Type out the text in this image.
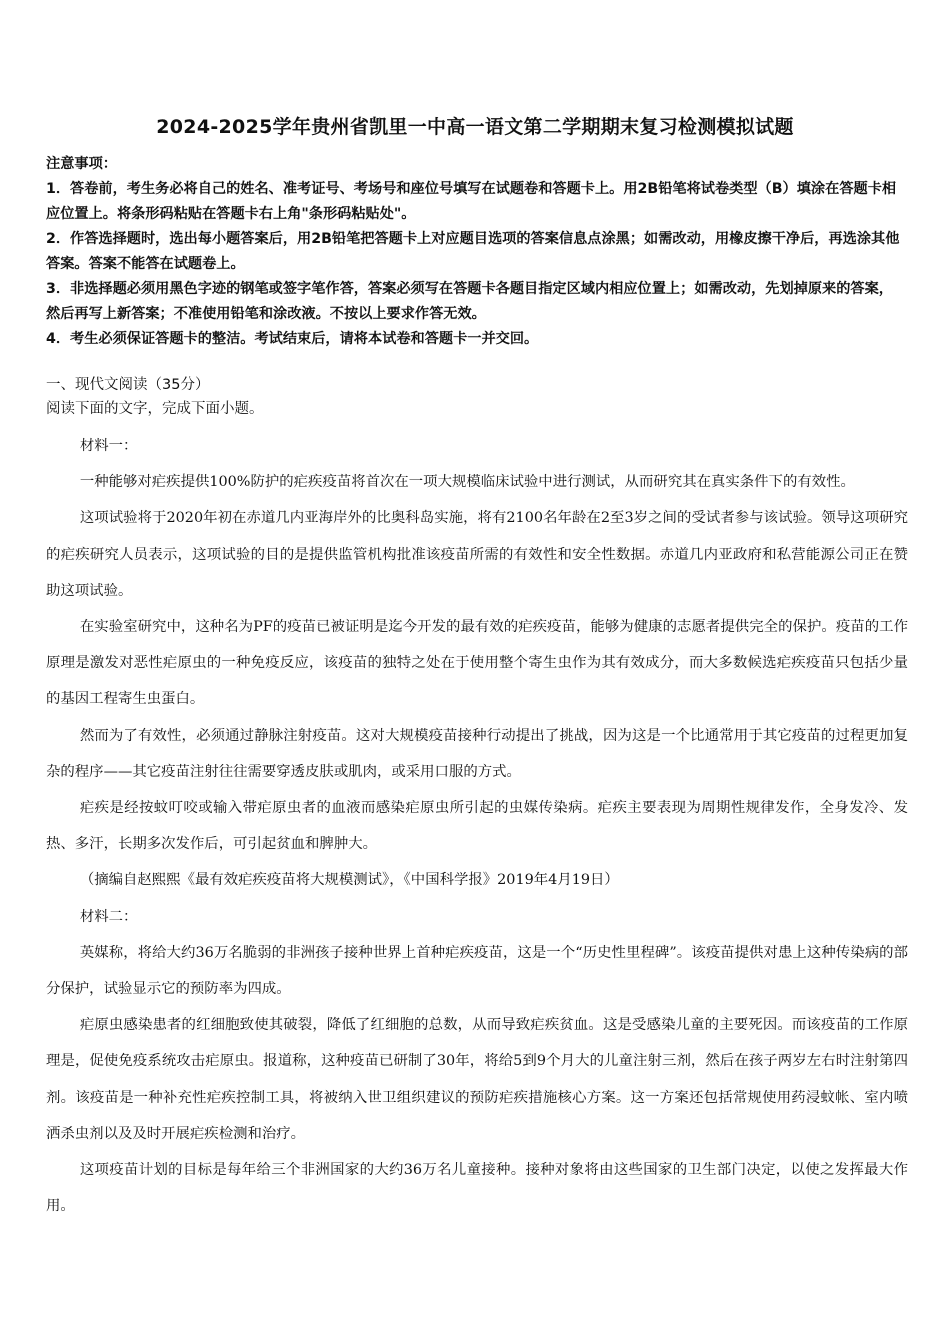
2024-2025学年贵州省凯里一中高一语文第二学期期末复习检测模拟试题

注意事项：

1．答卷前，考生务必将自己的姓名、准考证号、考场号和座位号填写在试题卷和答题卡上。用2B铅笔将试卷类型（B）填涂在答题卡相应位置上。将条形码粘贴在答题卡右上角"条形码粘贴处"。

2．作答选择题时，选出每小题答案后，用2B铅笔把答题卡上对应题目选项的答案信息点涂黑；如需改动，用橡皮擦干净后，再选涂其他答案。答案不能答在试题卷上。

3．非选择题必须用黑色字迹的钢笔或签字笔作答，答案必须写在答题卡各题目指定区域内相应位置上；如需改动，先划掉原来的答案，然后再写上新答案；不准使用铅笔和涂改液。不按以上要求作答无效。

4．考生必须保证答题卡的整洁。考试结束后，请将本试卷和答题卡一并交回。

一、现代文阅读（35分）

阅读下面的文字，完成下面小题。

材料一：

一种能够对疟疾提供100%防护的疟疾疫苗将首次在一项大规模临床试验中进行测试，从而研究其在真实条件下的有效性。

这项试验将于2020年初在赤道几内亚海岸外的比奥科岛实施，将有2100名年龄在2至3岁之间的受试者参与该试验。领导这项研究的疟疾研究人员表示，这项试验的目的是提供监管机构批准该疫苗所需的有效性和安全性数据。赤道几内亚政府和私营能源公司正在赞助这项试验。

在实验室研究中，这种名为PF的疫苗已被证明是迄今开发的最有效的疟疾疫苗，能够为健康的志愿者提供完全的保护。疫苗的工作原理是激发对恶性疟原虫的一种免疫反应，该疫苗的独特之处在于使用整个寄生虫作为其有效成分，而大多数候选疟疾疫苗只包括少量的基因工程寄生虫蛋白。

然而为了有效性，必须通过静脉注射疫苗。这对大规模疫苗接种行动提出了挑战，因为这是一个比通常用于其它疫苗的过程更加复杂的程序——其它疫苗注射往往需要穿透皮肤或肌肉，或采用口服的方式。

疟疾是经按蚊叮咬或输入带疟原虫者的血液而感染疟原虫所引起的虫媒传染病。疟疾主要表现为周期性规律发作，全身发冷、发热、多汗，长期多次发作后，可引起贫血和脾肿大。

（摘编自赵熙熙《最有效疟疾疫苗将大规模测试》，《中国科学报》2019年4月19日）

材料二：

英媒称，将给大约36万名脆弱的非洲孩子接种世界上首种疟疾疫苗，这是一个“历史性里程碑”。该疫苗提供对患上这种传染病的部分保护，试验显示它的预防率为四成。

疟原虫感染患者的红细胞致使其破裂，降低了红细胞的总数，从而导致疟疾贫血。这是受感染儿童的主要死因。而该疫苗的工作原理是，促使免疫系统攻击疟原虫。报道称，这种疫苗已研制了30年，将给5到9个月大的儿童注射三剂，然后在孩子两岁左右时注射第四剂。该疫苗是一种补充性疟疾控制工具，将被纳入世卫组织建议的预防疟疾措施核心方案。这一方案还包括常规使用药浸蚊帐、室内喷洒杀虫剂以及及时开展疟疾检测和治疗。

这项疫苗计划的目标是每年给三个非洲国家的大约36万名儿童接种。接种对象将由这些国家的卫生部门决定，以使之发挥最大作用。
